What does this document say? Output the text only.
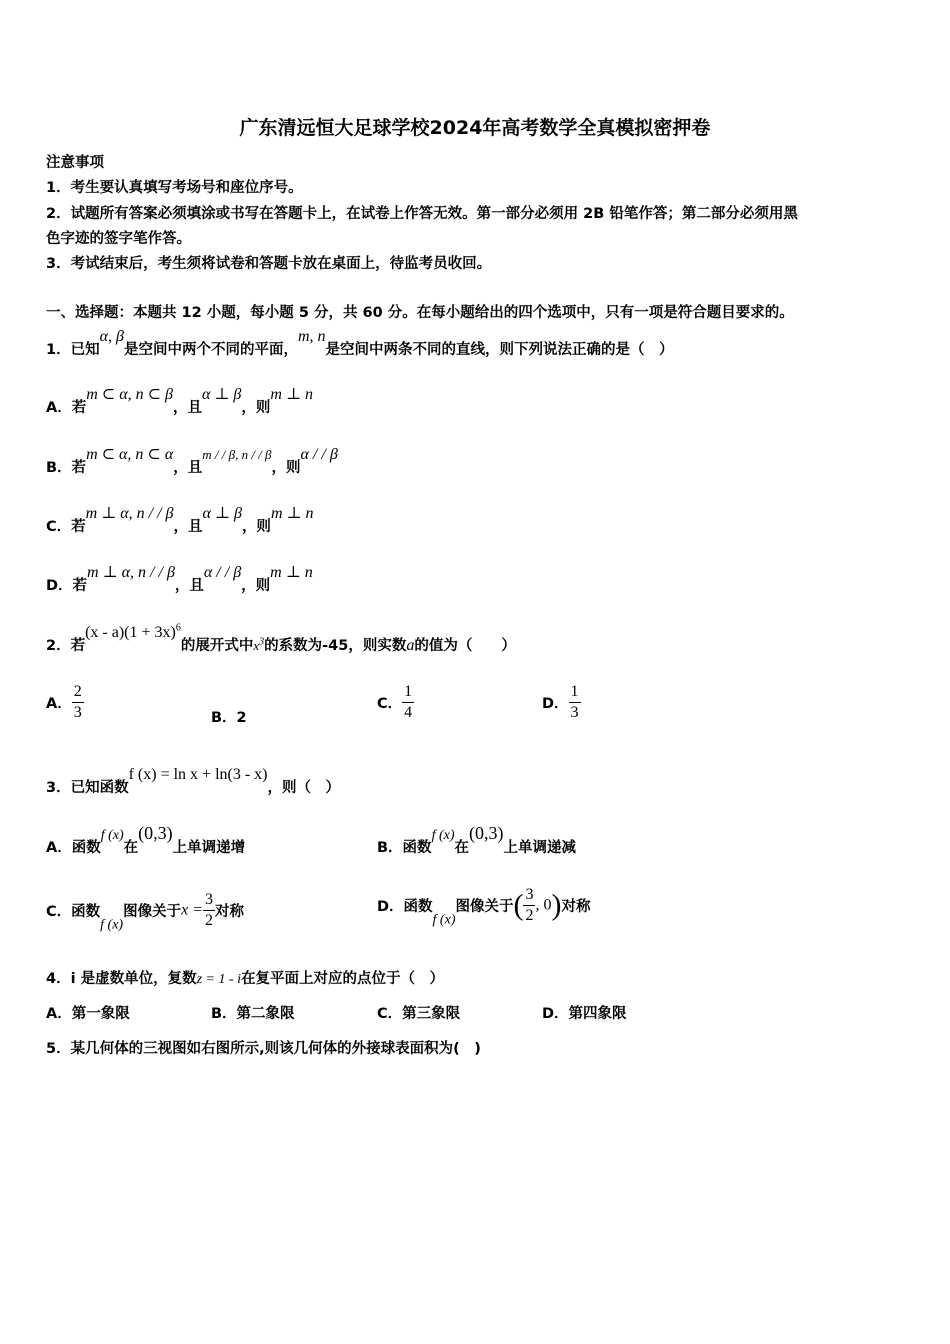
广东清远恒大足球学校2024年高考数学全真模拟密押卷
注意事项
1．考生要认真填写考场号和座位序号。
2．试题所有答案必须填涂或书写在答题卡上，在试卷上作答无效。第一部分必须用 2B 铅笔作答；第二部分必须用黑
色字迹的签字笔作答。
3．考试结束后，考生须将试卷和答题卡放在桌面上，待监考员收回。
一、选择题：本题共 12 小题，每小题 5 分，共 60 分。在每小题给出的四个选项中，只有一项是符合题目要求的。
1．已知α, β是空间中两个不同的平面，m, n是空间中两条不同的直线，则下列说法正确的是（　）
A．若m ⊂ α, n ⊂ β，且α ⊥ β，则m ⊥ n
B．若m ⊂ α, n ⊂ α，且m / / β, n / / β，则α / / β
C．若m ⊥ α, n / / β，且α ⊥ β，则m ⊥ n
D．若m ⊥ α, n / / β，且α / / β，则m ⊥ n
2．若$(x - a)(1 + 3x)^6$的展开式中$x^3$的系数为-45，则实数a的值为（　　）
A． $\frac{2}{3}$	B．2
C． $\frac{1}{4}$	D． $\frac{1}{3}$
3．已知函数f (x) = ln x + ln(3 - x)，则（　）
A．函数f (x)在(0,3)上单调递增	B．函数f (x)在(0,3)上单调递减
C．函数f (x)图像关于$x = \frac{3}{2}$ 对称	D．函数f (x)图像关于( $\frac{3}{2}$ , 0)对称
4．i 是虚数单位，复数z = 1 - i在复平面上对应的点位于（　）
A．第一象限	B．第二象限	C．第三象限	D．第四象限
5．某几何体的三视图如右图所示,则该几何体的外接球表面积为(　)
